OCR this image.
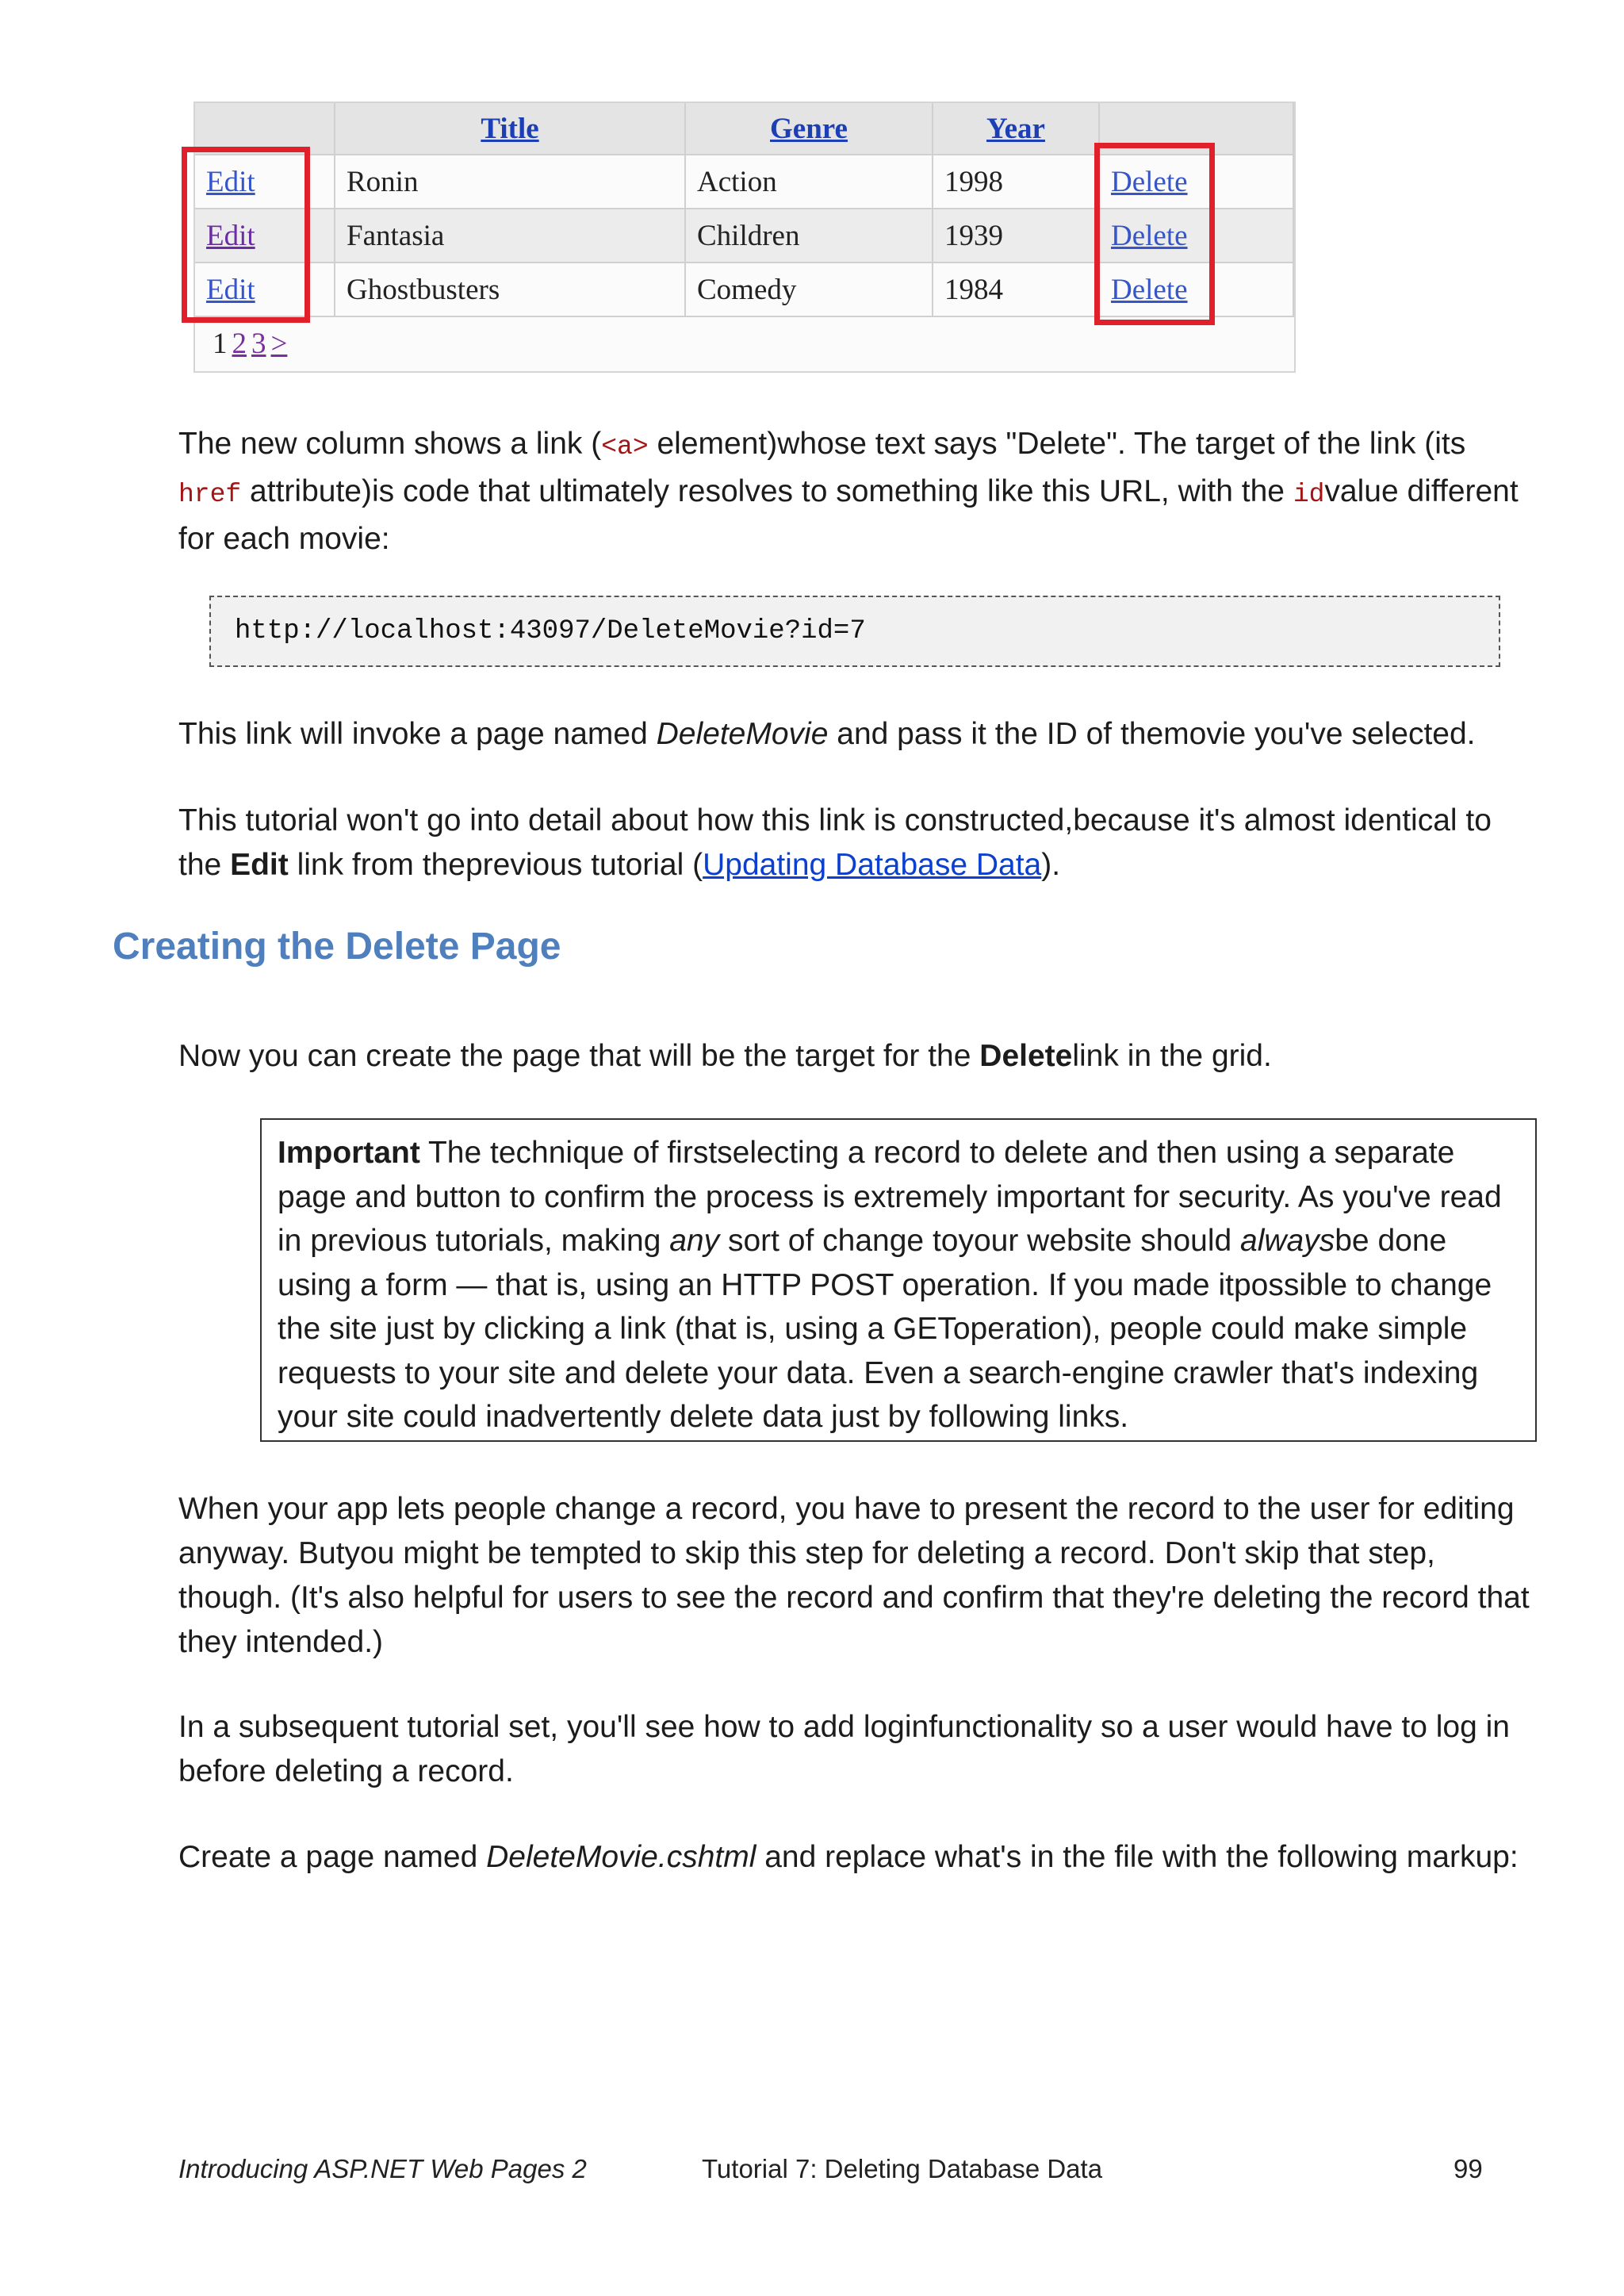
	Title	Genre	Year	
Edit	Ronin	Action	1998	Delete
Edit	Fantasia	Children	1939	Delete
Edit	Ghostbusters	Comedy	1984	Delete
1 2 3 >

The new column shows a link (<a> element)whose text says "Delete". The target of the link (its href attribute)is code that ultimately resolves to something like this URL, with the idvalue different for each movie:

http://localhost:43097/DeleteMovie?id=7

This link will invoke a page named DeleteMovie and pass it the ID of themovie you've selected.

This tutorial won't go into detail about how this link is constructed,because it's almost identical to the Edit link from theprevious tutorial (Updating Database Data).

Creating the Delete Page

Now you can create the page that will be the target for the Deletelink in the grid.

Important The technique of firstselecting a record to delete and then using a separate page and button to confirm the process is extremely important for security. As you've read in previous tutorials, making any sort of change toyour website should alwaysbe done using a form — that is, using an HTTP POST operation. If you made itpossible to change the site just by clicking a link (that is, using a GEToperation), people could make simple requests to your site and delete your data. Even a search-engine crawler that's indexing your site could inadvertently delete data just by following links.

When your app lets people change a record, you have to present the record to the user for editing anyway. Butyou might be tempted to skip this step for deleting a record. Don't skip that step, though. (It's also helpful for users to see the record and confirm that they're deleting the record that they intended.)

In a subsequent tutorial set, you'll see how to add loginfunctionality so a user would have to log in before deleting a record.

Create a page named DeleteMovie.cshtml and replace what's in the file with the following markup:

Introducing ASP.NET Web Pages 2	Tutorial 7: Deleting Database Data	99
